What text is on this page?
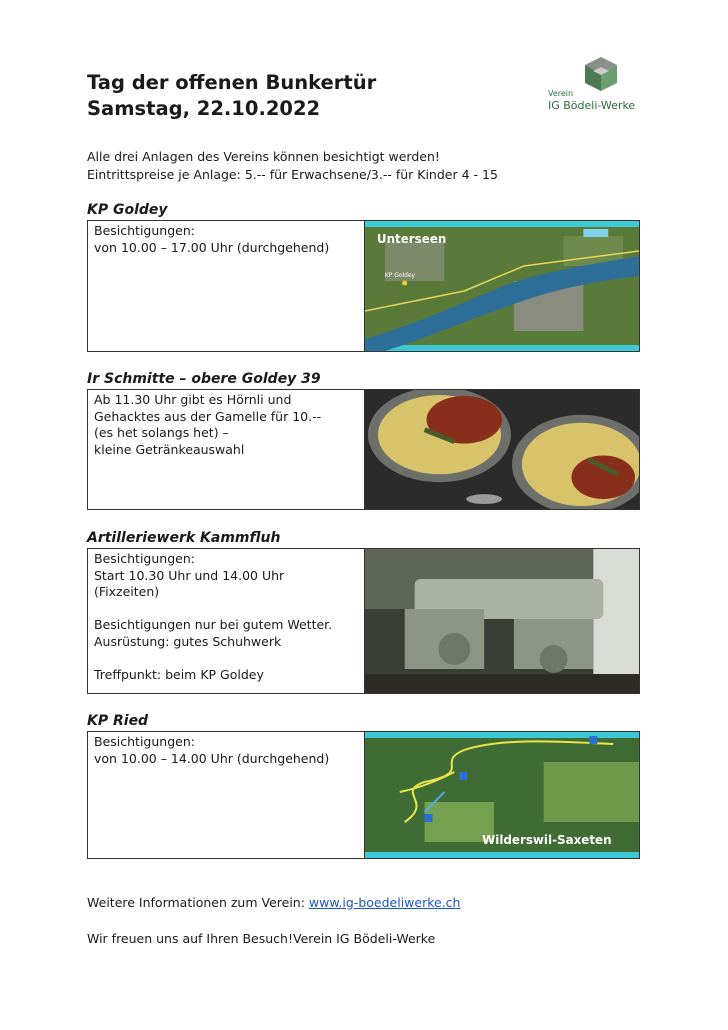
Tag der offenen Bunkertür
Samstag, 22.10.2022
Verein
IG Bödeli-Werke

Alle drei Anlagen des Vereins können besichtigt werden!

Eintrittspreise je Anlage: 5.-- für Erwachsene/3.-- für Kinder 4 - 15

KP Goldey

Besichtigungen:

von 10.00 – 17.00 Uhr (durchgehend)

Unterseen
KP Goldey
Ir Schmitte – obere Goldey 39

Ab 11.30 Uhr gibt es Hörnli und

Gehacktes aus der Gamelle für 10.--

(es het solangs het) –

kleine Getränkeauswahl

Artilleriewerk Kammfluh

Besichtigungen:

Start 10.30 Uhr und 14.00 Uhr

(Fixzeiten)

Besichtigungen nur bei gutem Wetter.

Ausrüstung: gutes Schuhwerk

Treffpunkt: beim KP Goldey

KP Ried

Besichtigungen:

von 10.00 – 14.00 Uhr (durchgehend)

Wilderswil-Saxeten

Weitere Informationen zum Verein: www.ig-boedeliwerke.ch

Wir freuen uns auf Ihren Besuch!Verein IG Bödeli-Werke
